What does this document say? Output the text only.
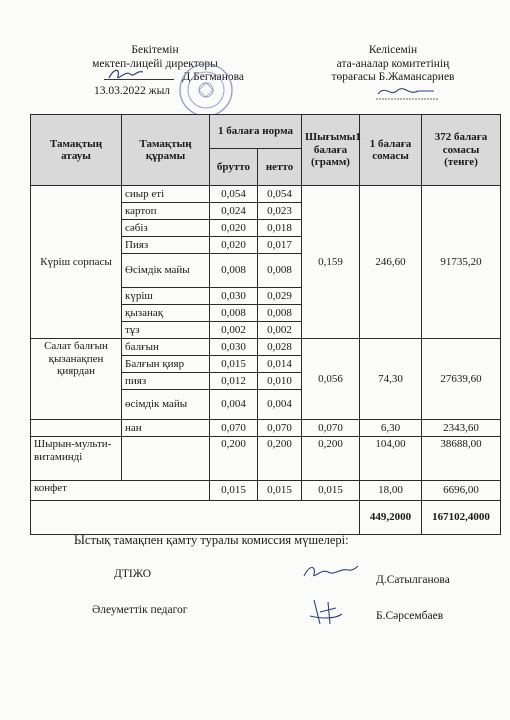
Бекітемін
мектеп-лицейі директоры
Д.Бегманова
13.03.2022 жыл
Келісемін
ата-аналар комитетінің
төрағасы Б.Жамансариев
Тамақтың атауы	Тамақтың құрамы	1 балаға норма		Шығымы1 балаға (грамм)	1 балаға сомасы	372 балаға сомасы (тенге)
		брутто	нетто			
Күріш сорпасы	сиыр еті	0,054	0,054	0,159	246,60	91735,20
	картоп	0,024	0,023			
	сәбіз	0,020	0,018			
	Пияз	0,020	0,017			
	Өсімдік майы	0,008	0,008			
	күріш	0,030	0,029			
	қызанақ	0,008	0,008			
	тұз	0,002	0,002			
Салат балғын қызанақпен қиярдан	балғын	0,030	0,028	0,056	74,30	27639,60
	Балғын қияр	0,015	0,014			
	пияз	0,012	0,010			
	өсімдік майы	0,004	0,004			
	нан	0,070	0,070	0,070	6,30	2343,60
Шырын-мульти-витаминді		0,200	0,200	0,200	104,00	38688,00
конфет		0,015	0,015	0,015	18,00	6696,00
					449,2000	167102,4000
Ыстық тамақпен қамту туралы комиссия мүшелері:
ДТІЖО	Д.Сатылганова
Әлеуметтік педагог	Б.Сәрсембаев
